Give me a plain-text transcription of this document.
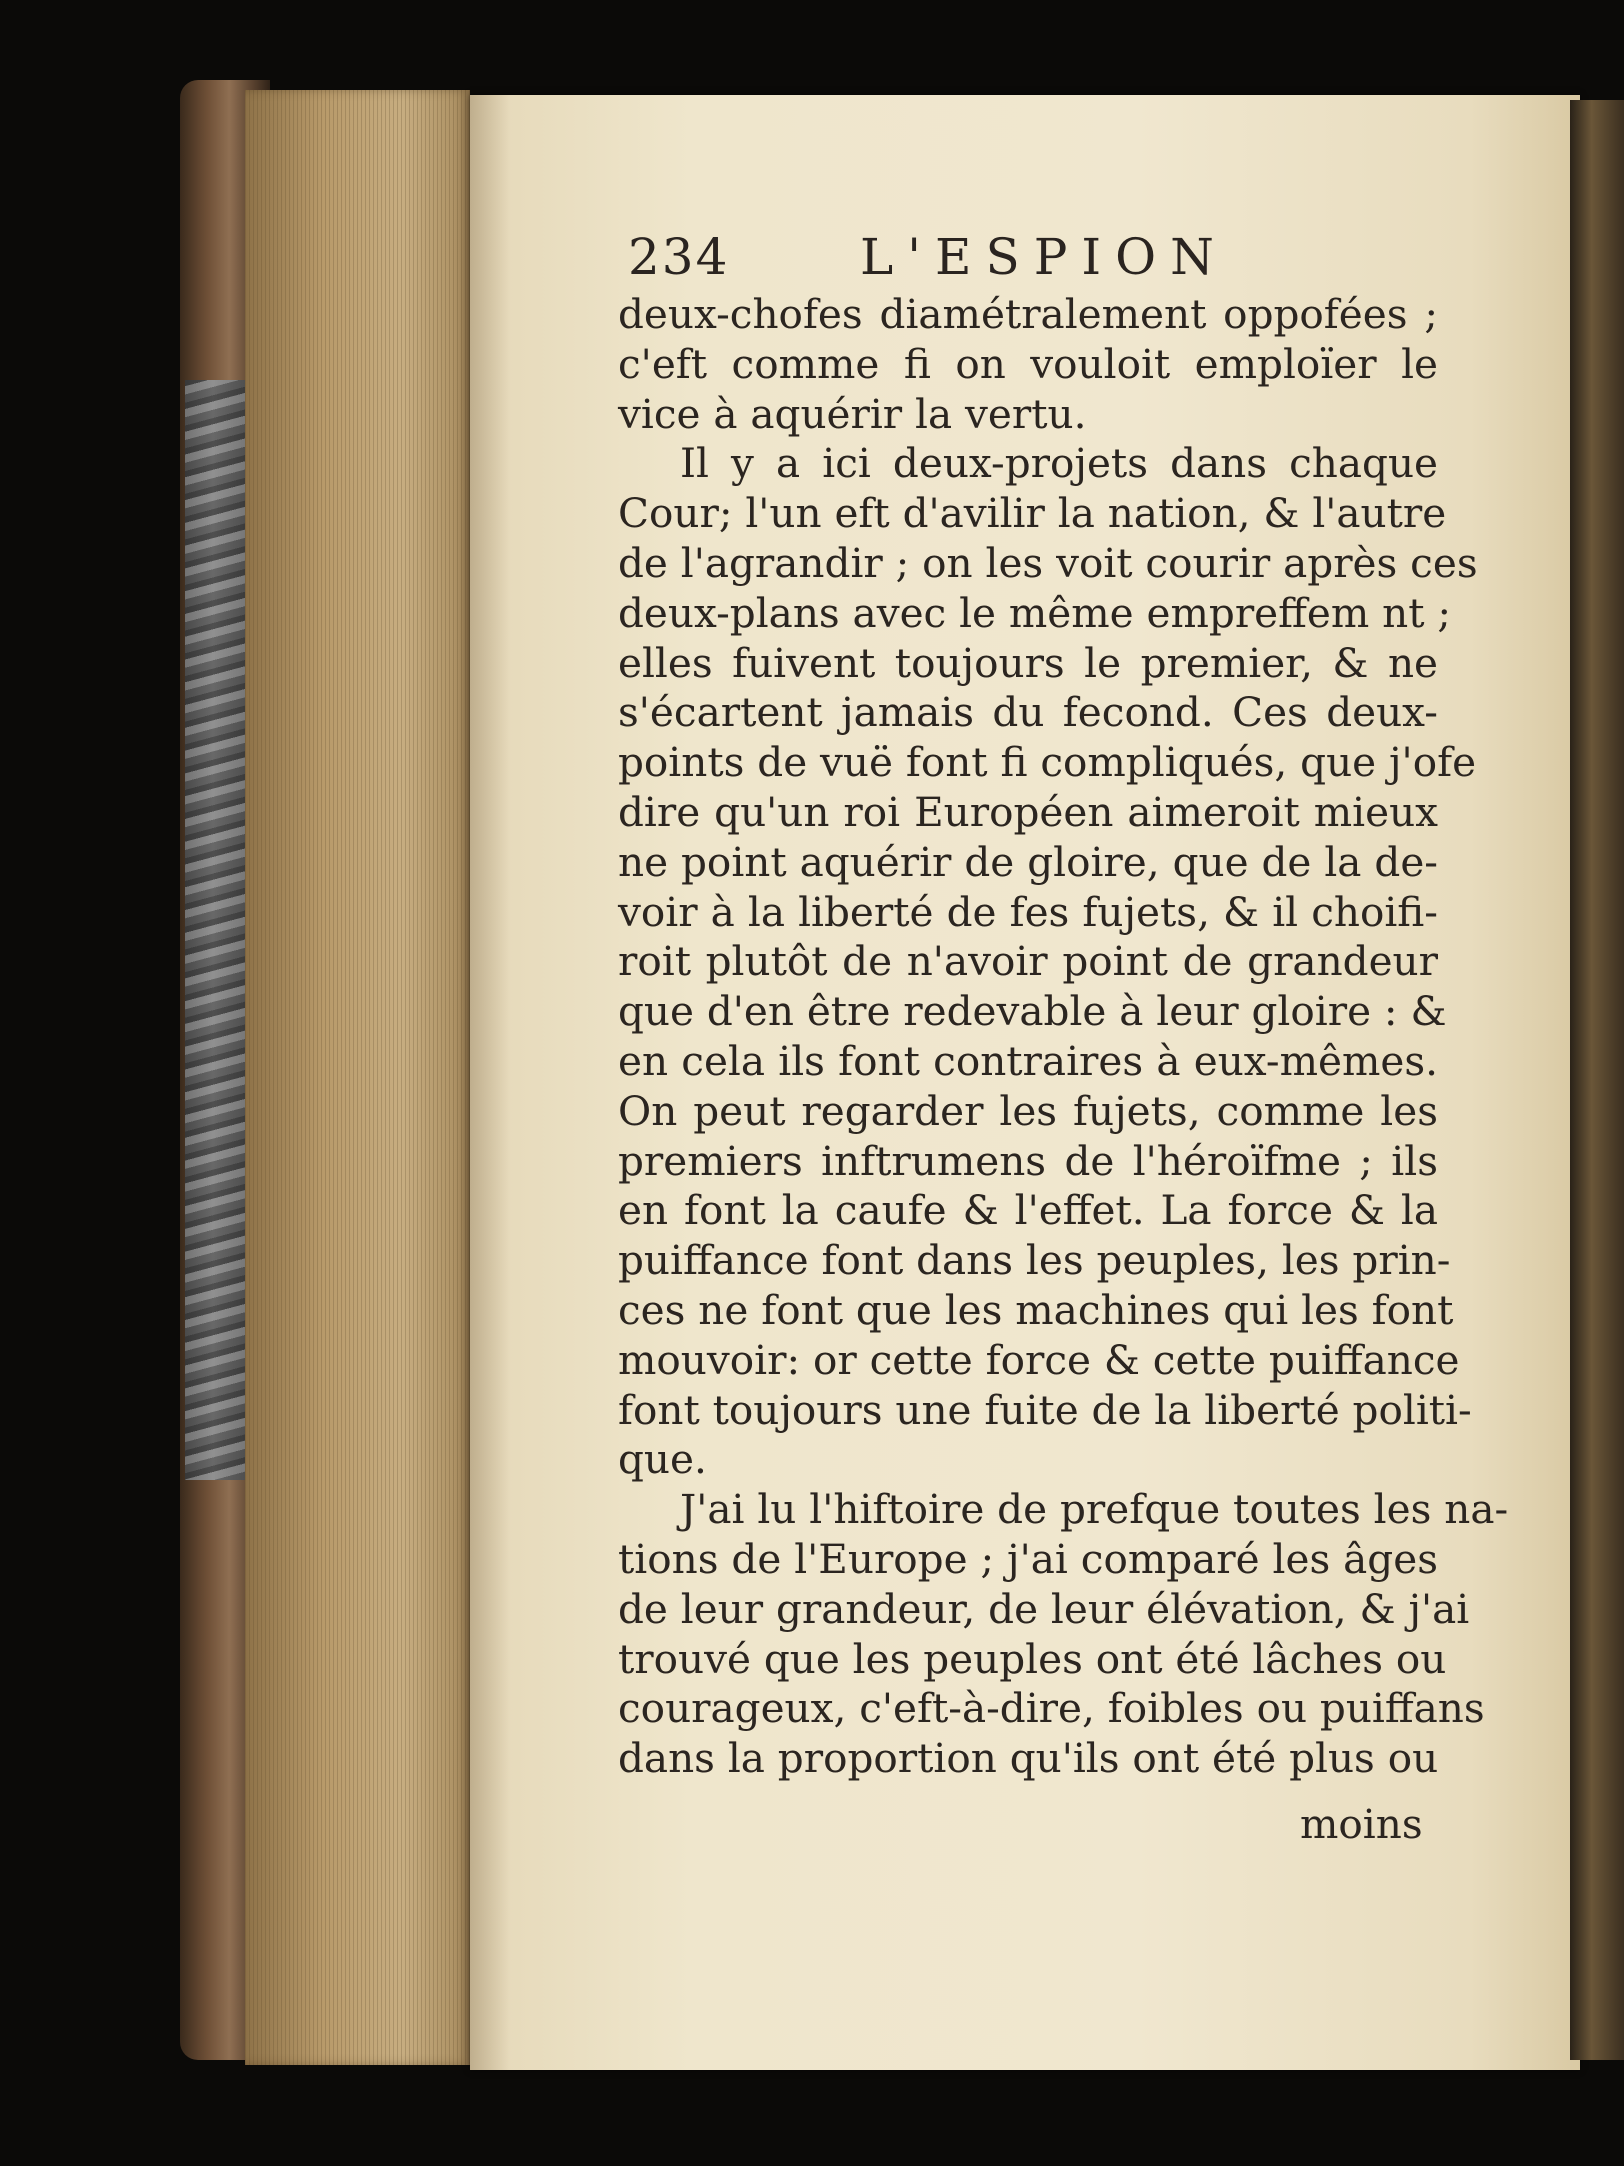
234	L'ESPION
deux-chofes diamétralement oppofées ;
c'eft comme fi on vouloit emploïer le
vice à aquérir la vertu.
Il y a ici deux-projets dans chaque
Cour; l'un eft d'avilir la nation, & l'autre
de l'agrandir ; on les voit courir après ces
deux-plans avec le même empreffem nt ;
elles fuivent toujours le premier, & ne
s'écartent jamais du fecond. Ces deux-
points de vuë font fi compliqués, que j'ofe
dire qu'un roi Européen aimeroit mieux
ne point aquérir de gloire, que de la de-
voir à la liberté de fes fujets, & il choifi-
roit plutôt de n'avoir point de grandeur
que d'en être redevable à leur gloire : &
en cela ils font contraires à eux-mêmes.
On peut regarder les fujets, comme les
premiers inftrumens de l'héroïfme ; ils
en font la caufe & l'effet. La force & la
puiffance font dans les peuples, les prin-
ces ne font que les machines qui les font
mouvoir: or cette force & cette puiffance
font toujours une fuite de la liberté politi-
que.
J'ai lu l'hiftoire de prefque toutes les na-
tions de l'Europe ; j'ai comparé les âges
de leur grandeur, de leur élévation, & j'ai
trouvé que les peuples ont été lâches ou
courageux, c'eft-à-dire, foibles ou puiffans
dans la proportion qu'ils ont été plus ou
moins
